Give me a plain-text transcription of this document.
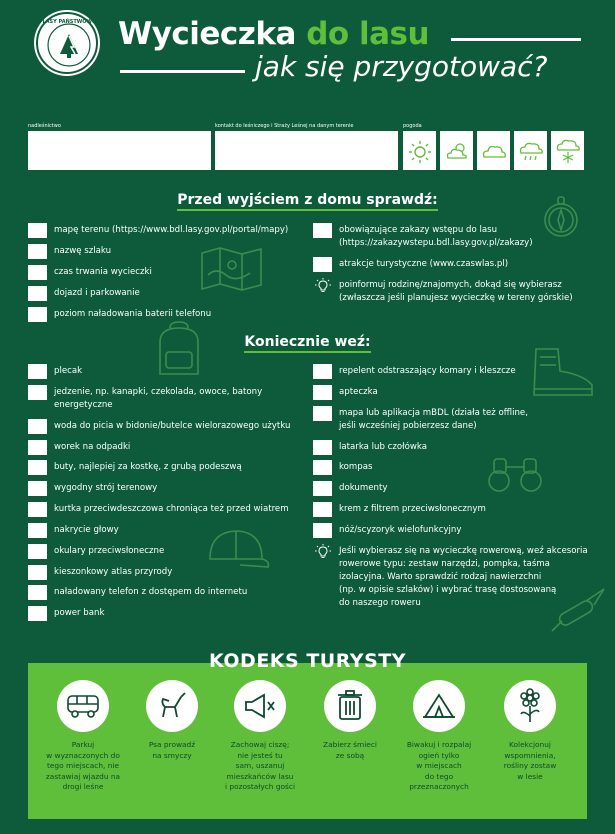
LASY PAŃSTWOWE Wycieczka do lasu
jak się przygotować?
nadleśnictwo	kontakt do leśniczego i Straży Leśnej na danym terenie	pogoda
Przed wyjściem z domu sprawdź:
mapę terenu (https://www.bdl.lasy.gov.pl/portal/mapy)
nazwę szlaku
czas trwania wycieczki
dojazd i parkowanie
poziom naładowania baterii telefonu
obowiązujące zakazy wstępu do lasu
(https://zakazywstepu.bdl.lasy.gov.pl/zakazy)
atrakcje turystyczne (www.czaswlas.pl)
poinformuj rodzinę/znajomych, dokąd się wybierasz
(zwłaszcza jeśli planujesz wycieczkę w tereny górskie)
Koniecznie weź:
plecak
jedzenie, np. kanapki, czekolada, owoce, batony
energetyczne
woda do picia w bidonie/butelce wielorazowego użytku
worek na odpadki
buty, najlepiej za kostkę, z grubą podeszwą
wygodny strój terenowy
kurtka przeciwdeszczowa chroniąca też przed wiatrem
nakrycie głowy
okulary przeciwsłoneczne
kieszonkowy atlas przyrody
naładowany telefon z dostępem do internetu
power bank
repelent odstraszający komary i kleszcze
apteczka
mapa lub aplikacja mBDL (działa też offline,
jeśli wcześniej pobierzesz dane)
latarka lub czołówka
kompas
dokumenty
krem z filtrem przeciwsłonecznym
nóż/scyzoryk wielofunkcyjny
Jeśli wybierasz się na wycieczkę rowerową, weź akcesoria
rowerowe typu: zestaw narzędzi, pompka, taśma
izolacyjna. Warto sprawdzić rodzaj nawierzchni
(np. w opisie szlaków) i wybrać trasę dostosowaną
do naszego roweru
KODEKS TURYSTY
Parkuj
w wyznaczonych do
tego miejscach, nie
zastawiaj wjazdu na
drogi leśne
Psa prowadź
na smyczy
Zachowaj ciszę;
nie jesteś tu
sam, uszanuj
mieszkańców lasu
i pozostałych gości
Zabierz śmieci
ze sobą
Biwakuj i rozpalaj
ogień tylko
w miejscach
do tego
przeznaczonych
Kolekcjonuj
wspomnienia,
rośliny zostaw
w lesie
